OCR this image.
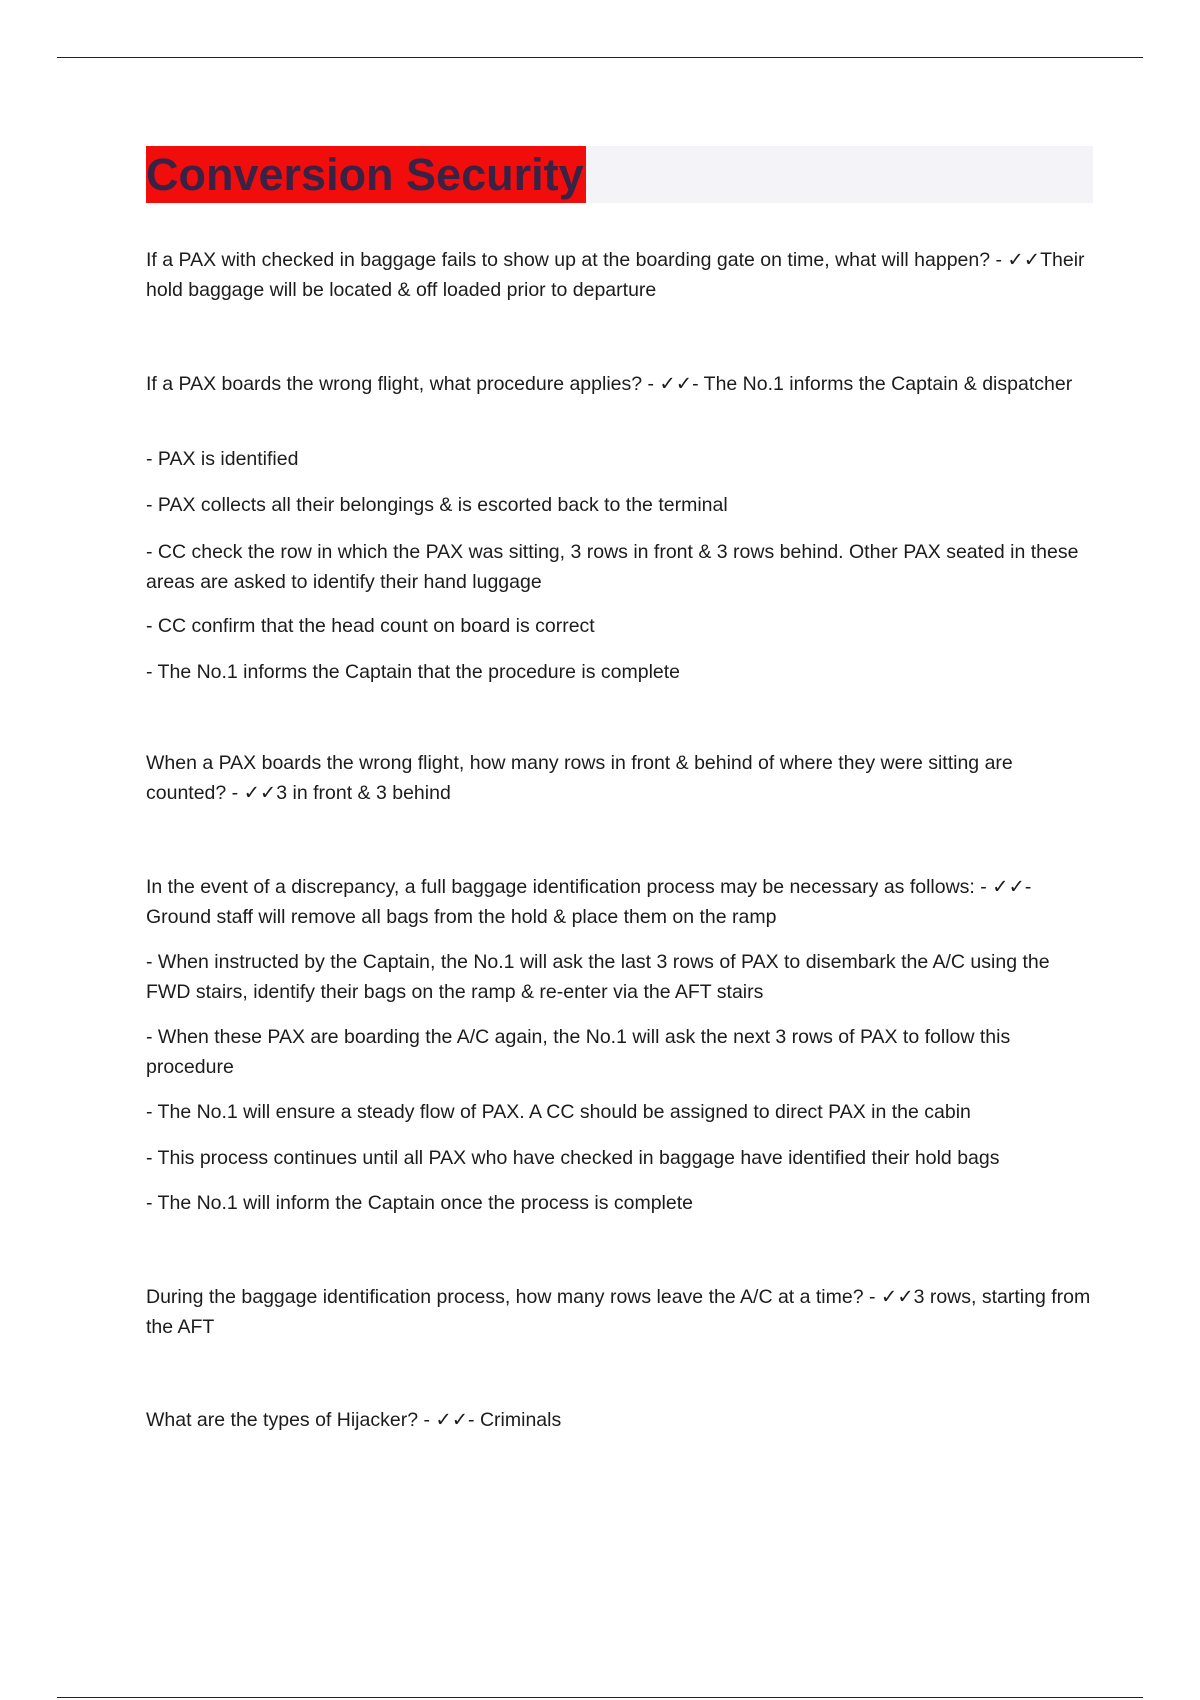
Conversion Security

If a PAX with checked in baggage fails to show up at the boarding gate on time, what will happen? - ✓✓Their hold baggage will be located & off loaded prior to departure

If a PAX boards the wrong flight, what procedure applies? - ✓✓- The No.1 informs the Captain & dispatcher

- PAX is identified

- PAX collects all their belongings & is escorted back to the terminal

- CC check the row in which the PAX was sitting, 3 rows in front & 3 rows behind. Other PAX seated in these areas are asked to identify their hand luggage

- CC confirm that the head count on board is correct

- The No.1 informs the Captain that the procedure is complete

When a PAX boards the wrong flight, how many rows in front & behind of where they were sitting are counted? - ✓✓3 in front & 3 behind

In the event of a discrepancy, a full baggage identification process may be necessary as follows: - ✓✓- Ground staff will remove all bags from the hold & place them on the ramp

- When instructed by the Captain, the No.1 will ask the last 3 rows of PAX to disembark the A/C using the FWD stairs, identify their bags on the ramp & re-enter via the AFT stairs

- When these PAX are boarding the A/C again, the No.1 will ask the next 3 rows of PAX to follow this procedure

- The No.1 will ensure a steady flow of PAX. A CC should be assigned to direct PAX in the cabin

- This process continues until all PAX who have checked in baggage have identified their hold bags

- The No.1 will inform the Captain once the process is complete

During the baggage identification process, how many rows leave the A/C at a time? - ✓✓3 rows, starting from the AFT

What are the types of Hijacker? - ✓✓- Criminals
